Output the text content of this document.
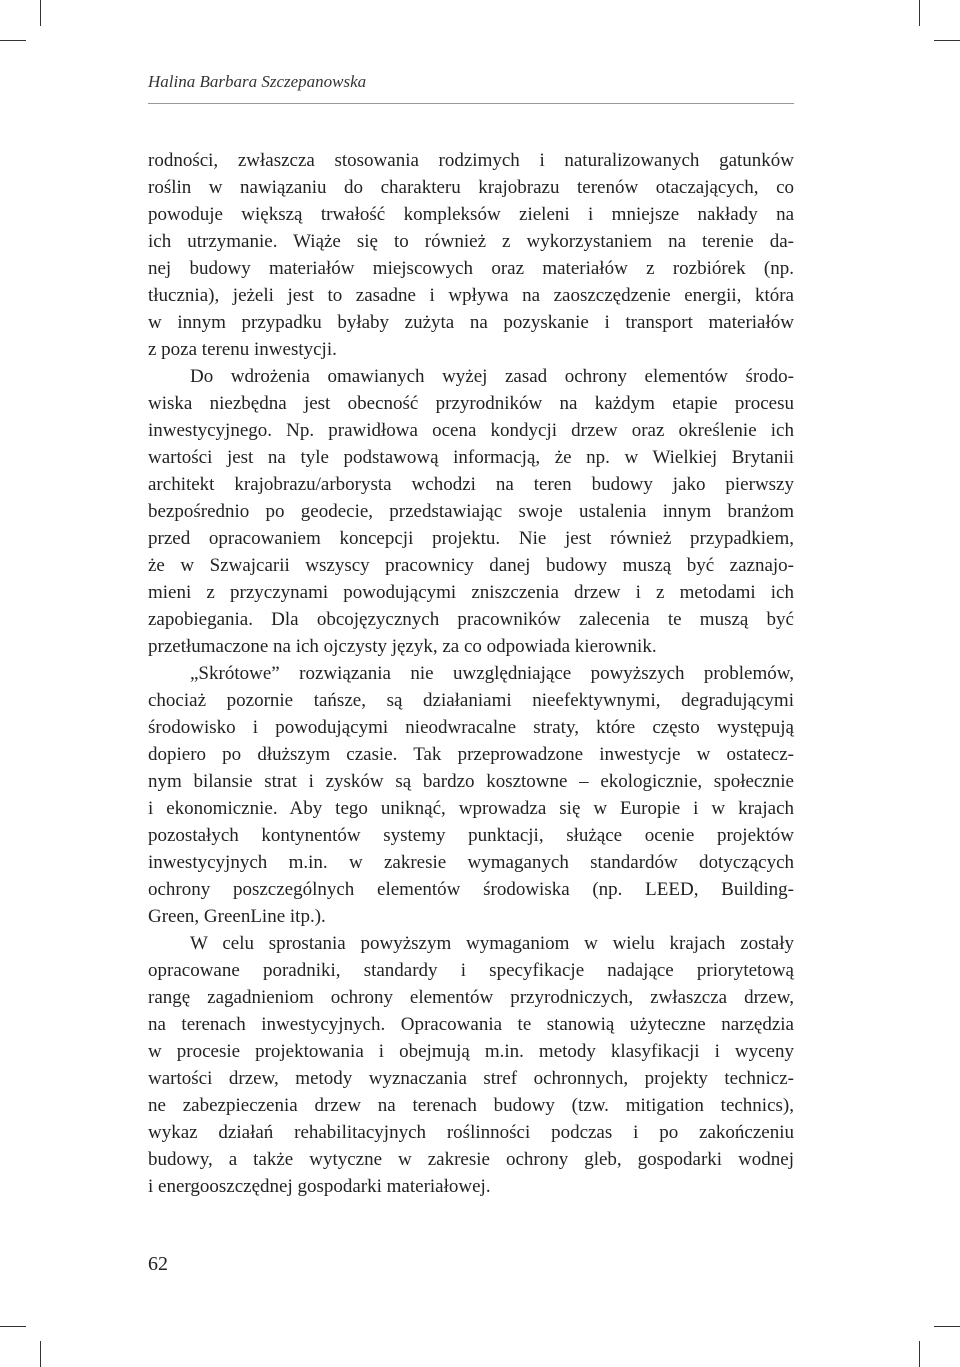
Halina Barbara Szczepanowska

rodności, zwłaszcza stosowania rodzimych i naturalizowanych gatunków
roślin w nawiązaniu do charakteru krajobrazu terenów otaczających, co
powoduje większą trwałość kompleksów zieleni i mniejsze nakłady na
ich utrzymanie. Wiąże się to również z wykorzystaniem na terenie da-
nej budowy materiałów miejscowych oraz materiałów z rozbiórek (np.
tłucznia), jeżeli jest to zasadne i wpływa na zaoszczędzenie energii, która
w innym przypadku byłaby zużyta na pozyskanie i transport materiałów
z poza terenu inwestycji.
Do wdrożenia omawianych wyżej zasad ochrony elementów środo-
wiska niezbędna jest obecność przyrodników na każdym etapie procesu
inwestycyjnego. Np. prawidłowa ocena kondycji drzew oraz określenie ich
wartości jest na tyle podstawową informacją, że np. w Wielkiej Brytanii
architekt krajobrazu/arborysta wchodzi na teren budowy jako pierwszy
bezpośrednio po geodecie, przedstawiając swoje ustalenia innym branżom
przed opracowaniem koncepcji projektu. Nie jest również przypadkiem,
że w Szwajcarii wszyscy pracownicy danej budowy muszą być zaznajo-
mieni z przyczynami powodującymi zniszczenia drzew i z metodami ich
zapobiegania. Dla obcojęzycznych pracowników zalecenia te muszą być
przetłumaczone na ich ojczysty język, za co odpowiada kierownik.
„Skrótowe” rozwiązania nie uwzględniające powyższych problemów,
chociaż pozornie tańsze, są działaniami nieefektywnymi, degradującymi
środowisko i powodującymi nieodwracalne straty, które często występują
dopiero po dłuższym czasie. Tak przeprowadzone inwestycje w ostatecz-
nym bilansie strat i zysków są bardzo kosztowne – ekologicznie, społecznie
i ekonomicznie. Aby tego uniknąć, wprowadza się w Europie i w krajach
pozostałych kontynentów systemy punktacji, służące ocenie projektów
inwestycyjnych m.in. w zakresie wymaganych standardów dotyczących
ochrony poszczególnych elementów środowiska (np. LEED, Building-
Green, GreenLine itp.).
W celu sprostania powyższym wymaganiom w wielu krajach zostały
opracowane poradniki, standardy i specyfikacje nadające priorytetową
rangę zagadnieniom ochrony elementów przyrodniczych, zwłaszcza drzew,
na terenach inwestycyjnych. Opracowania te stanowią użyteczne narzędzia
w procesie projektowania i obejmują m.in. metody klasyfikacji i wyceny
wartości drzew, metody wyznaczania stref ochronnych, projekty technicz-
ne zabezpieczenia drzew na terenach budowy (tzw. mitigation technics),
wykaz działań rehabilitacyjnych roślinności podczas i po zakończeniu
budowy, a także wytyczne w zakresie ochrony gleb, gospodarki wodnej
i energooszczędnej gospodarki materiałowej.

62
